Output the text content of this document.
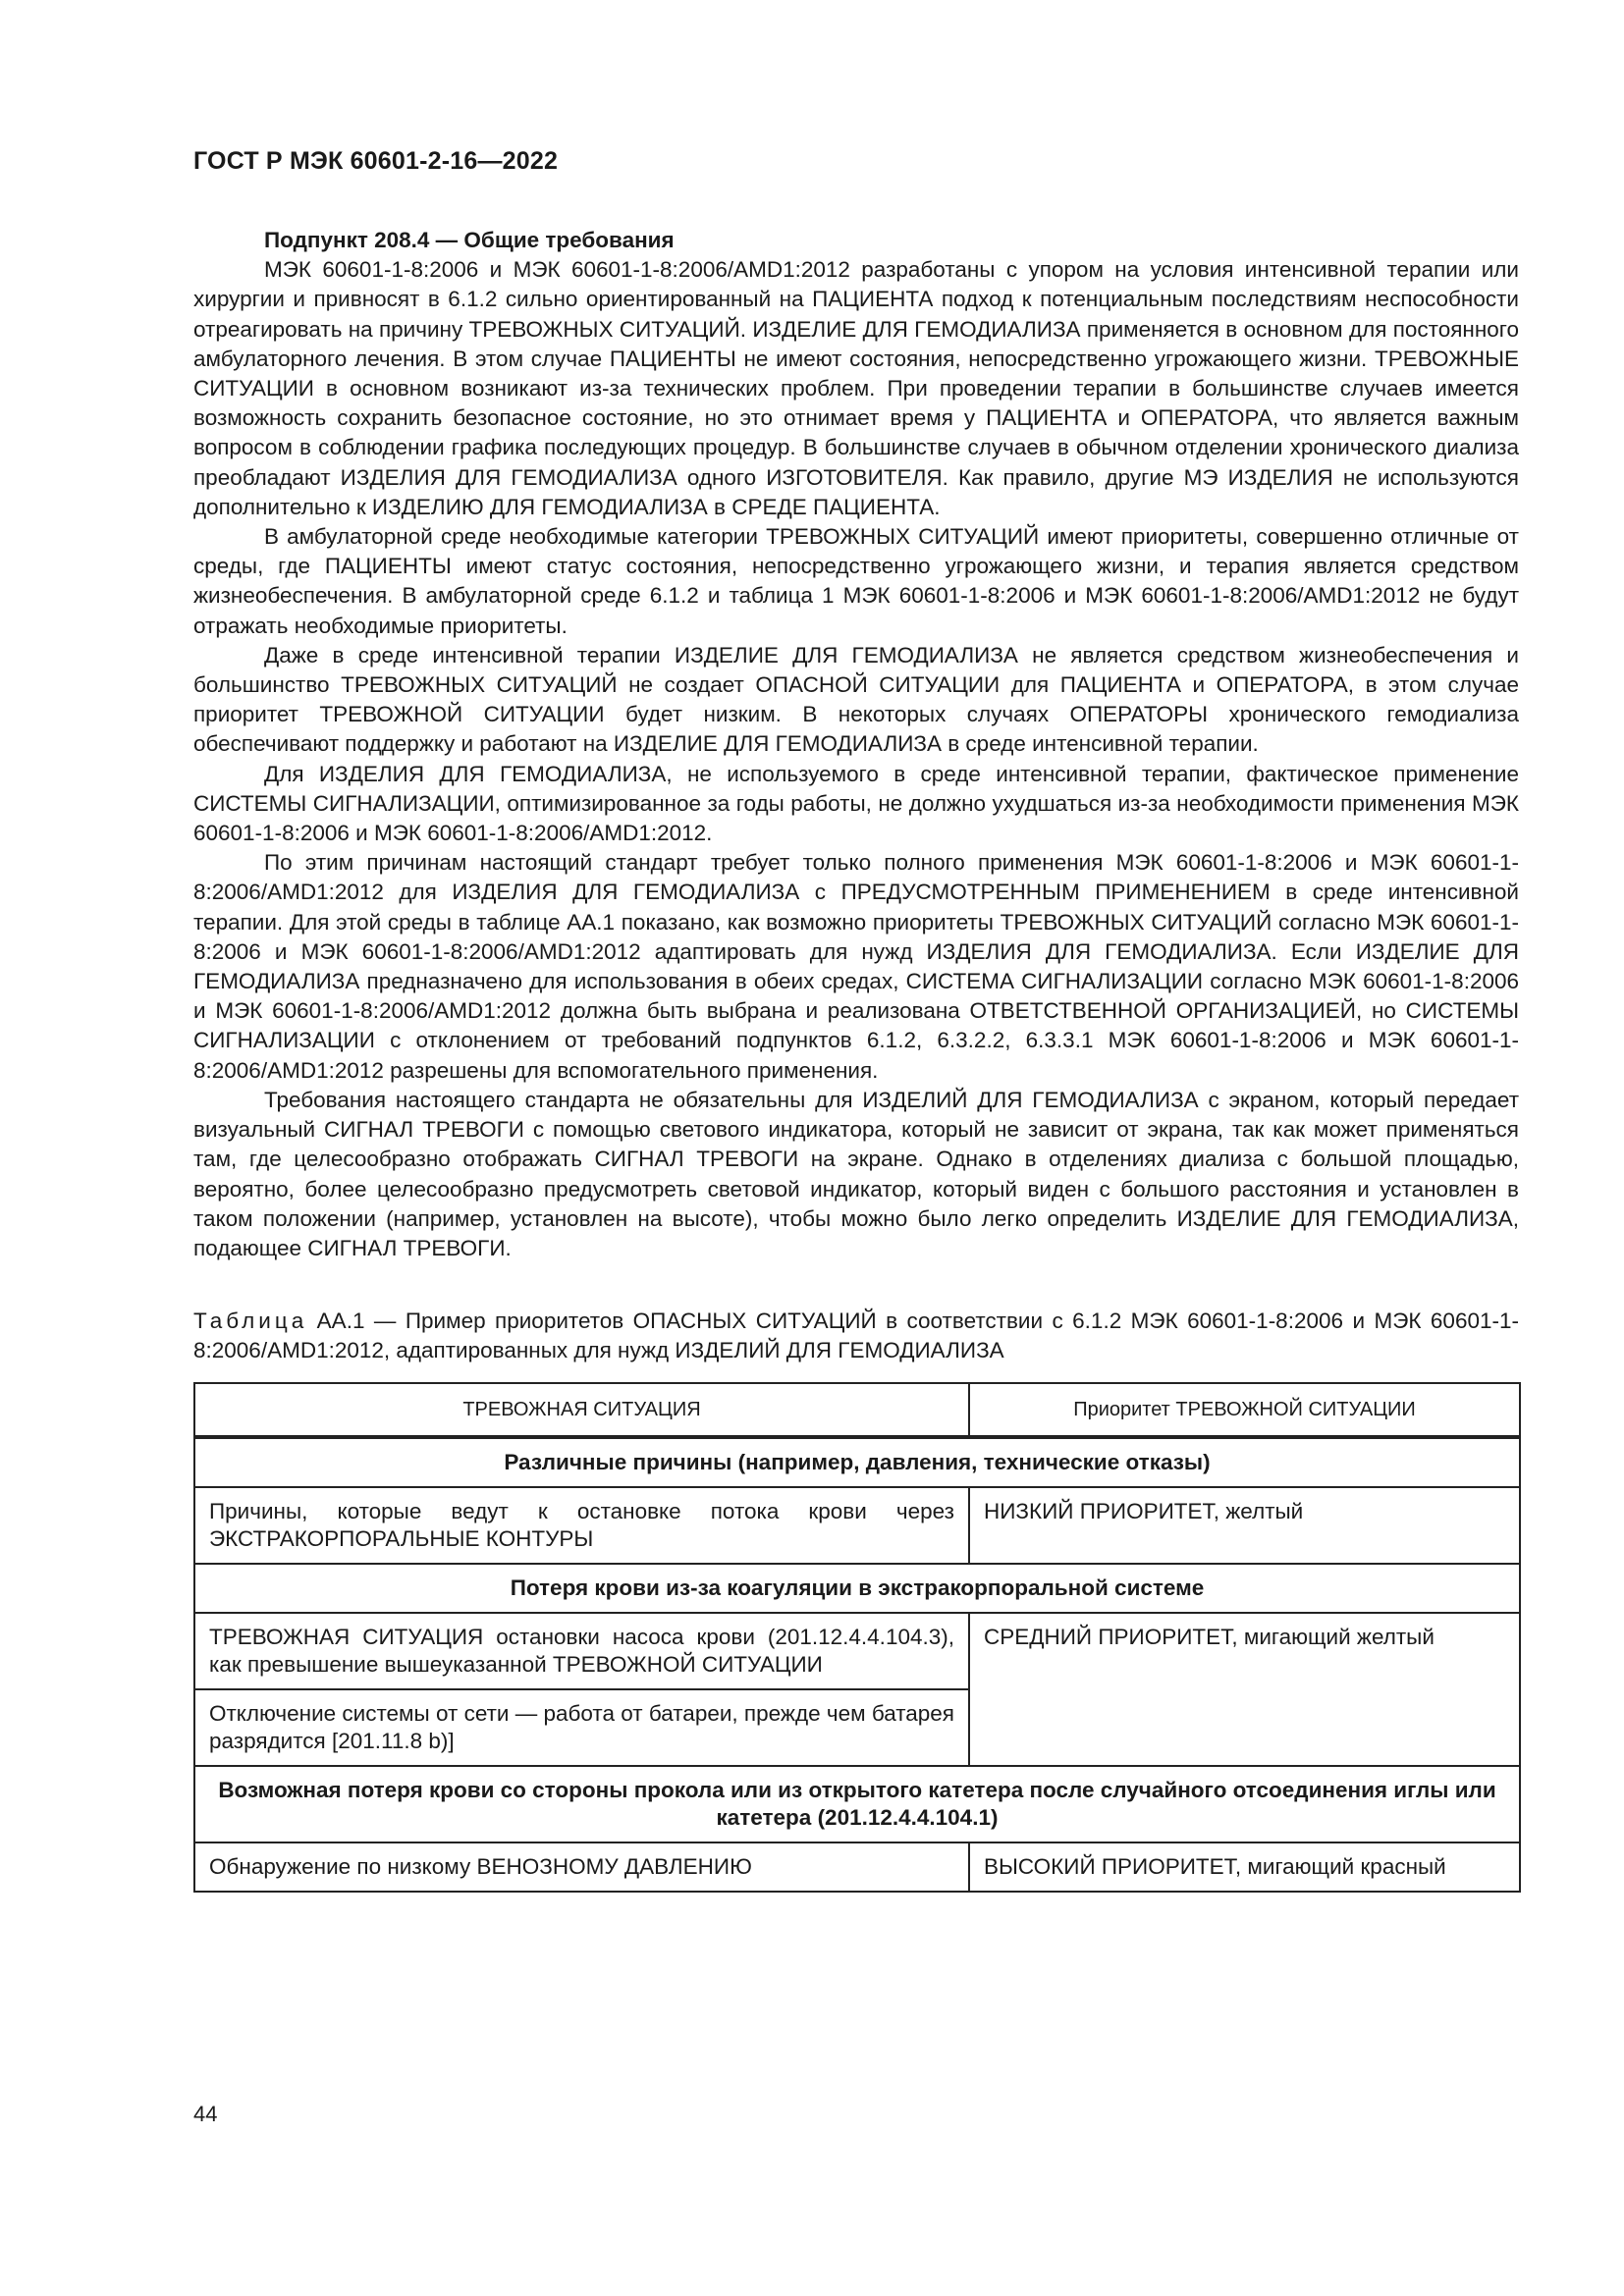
ГОСТ Р МЭК 60601-2-16—2022

Подпункт 208.4 — Общие требования

МЭК 60601-1-8:2006 и МЭК 60601-1-8:2006/AMD1:2012 разработаны с упором на условия интенсивной терапии или хирургии и привносят в 6.1.2 сильно ориентированный на ПАЦИЕНТА подход к потенциальным последствиям неспособности отреагировать на причину ТРЕВОЖНЫХ СИТУАЦИЙ. ИЗДЕЛИЕ ДЛЯ ГЕМОДИАЛИЗА применяется в основном для постоянного амбулаторного лечения. В этом случае ПАЦИЕНТЫ не имеют состояния, непосредственно угрожающего жизни. ТРЕВОЖНЫЕ СИТУАЦИИ в основном возникают из-за технических проблем. При проведении терапии в большинстве случаев имеется возможность сохранить безопасное состояние, но это отнимает время у ПАЦИЕНТА и ОПЕРАТОРА, что является важным вопросом в соблюдении графика последующих процедур. В большинстве случаев в обычном отделении хронического диализа преобладают ИЗДЕЛИЯ ДЛЯ ГЕМОДИАЛИЗА одного ИЗГОТОВИТЕЛЯ. Как правило, другие МЭ ИЗДЕЛИЯ не используются дополнительно к ИЗДЕЛИЮ ДЛЯ ГЕМОДИАЛИЗА в СРЕДЕ ПАЦИЕНТА.

В амбулаторной среде необходимые категории ТРЕВОЖНЫХ СИТУАЦИЙ имеют приоритеты, совершенно отличные от среды, где ПАЦИЕНТЫ имеют статус состояния, непосредственно угрожающего жизни, и терапия является средством жизнеобеспечения. В амбулаторной среде 6.1.2 и таблица 1 МЭК 60601-1-8:2006 и МЭК 60601-1-8:2006/AMD1:2012 не будут отражать необходимые приоритеты.

Даже в среде интенсивной терапии ИЗДЕЛИЕ ДЛЯ ГЕМОДИАЛИЗА не является средством жизнеобеспечения и большинство ТРЕВОЖНЫХ СИТУАЦИЙ не создает ОПАСНОЙ СИТУАЦИИ для ПАЦИЕНТА и ОПЕРАТОРА, в этом случае приоритет ТРЕВОЖНОЙ СИТУАЦИИ будет низким. В некоторых случаях ОПЕРАТОРЫ хронического гемодиализа обеспечивают поддержку и работают на ИЗДЕЛИЕ ДЛЯ ГЕМОДИАЛИЗА в среде интенсивной терапии.

Для ИЗДЕЛИЯ ДЛЯ ГЕМОДИАЛИЗА, не используемого в среде интенсивной терапии, фактическое применение СИСТЕМЫ СИГНАЛИЗАЦИИ, оптимизированное за годы работы, не должно ухудшаться из-за необходимости применения МЭК 60601-1-8:2006 и МЭК 60601-1-8:2006/AMD1:2012.

По этим причинам настоящий стандарт требует только полного применения МЭК 60601-1-8:2006 и МЭК 60601-1-8:2006/AMD1:2012 для ИЗДЕЛИЯ ДЛЯ ГЕМОДИАЛИЗА с ПРЕДУСМОТРЕННЫМ ПРИМЕНЕНИЕМ в среде интенсивной терапии. Для этой среды в таблице АА.1 показано, как возможно приоритеты ТРЕВОЖНЫХ СИТУАЦИЙ согласно МЭК 60601-1-8:2006 и МЭК 60601-1-8:2006/AMD1:2012 адаптировать для нужд ИЗДЕЛИЯ ДЛЯ ГЕМОДИАЛИЗА. Если ИЗДЕЛИЕ ДЛЯ ГЕМОДИАЛИЗА предназначено для использования в обеих средах, СИСТЕМА СИГНАЛИЗАЦИИ согласно МЭК 60601-1-8:2006 и МЭК 60601-1-8:2006/AMD1:2012 должна быть выбрана и реализована ОТВЕТСТВЕННОЙ ОРГАНИЗАЦИЕЙ, но СИСТЕМЫ СИГНАЛИЗАЦИИ с отклонением от требований подпунктов 6.1.2, 6.3.2.2, 6.3.3.1 МЭК 60601-1-8:2006 и МЭК 60601-1-8:2006/AMD1:2012 разрешены для вспомогательного применения.

Требования настоящего стандарта не обязательны для ИЗДЕЛИЙ ДЛЯ ГЕМОДИАЛИЗА с экраном, который передает визуальный СИГНАЛ ТРЕВОГИ с помощью светового индикатора, который не зависит от экрана, так как может применяться там, где целесообразно отображать СИГНАЛ ТРЕВОГИ на экране. Однако в отделениях диализа с большой площадью, вероятно, более целесообразно предусмотреть световой индикатор, который виден с большого расстояния и установлен в таком положении (например, установлен на высоте), чтобы можно было легко определить ИЗДЕЛИЕ ДЛЯ ГЕМОДИАЛИЗА, подающее СИГНАЛ ТРЕВОГИ.

Таблица АА.1 — Пример приоритетов ОПАСНЫХ СИТУАЦИЙ в соответствии с 6.1.2 МЭК 60601-1-8:2006 и МЭК 60601-1-8:2006/AMD1:2012, адаптированных для нужд ИЗДЕЛИЙ ДЛЯ ГЕМОДИАЛИЗА

ТРЕВОЖНАЯ СИТУАЦИЯ	Приоритет ТРЕВОЖНОЙ СИТУАЦИИ
Различные причины (например, давления, технические отказы)	
Причины, которые ведут к остановке потока крови через ЭКСТРАКОРПОРАЛЬНЫЕ КОНТУРЫ	НИЗКИЙ ПРИОРИТЕТ, желтый
Потеря крови из-за коагуляции в экстракорпоральной системе	
ТРЕВОЖНАЯ СИТУАЦИЯ остановки насоса крови (201.12.4.4.104.3), как превышение вышеуказанной ТРЕВОЖНОЙ СИТУАЦИИ	СРЕДНИЙ ПРИОРИТЕТ, мигающий желтый
Отключение системы от сети — работа от батареи, прежде чем батарея разрядится [201.11.8 b)]	
Возможная потеря крови со стороны прокола или из открытого катетера после случайного отсоединения иглы или катетера (201.12.4.4.104.1)	
Обнаружение по низкому ВЕНОЗНОМУ ДАВЛЕНИЮ	ВЫСОКИЙ ПРИОРИТЕТ, мигающий красный
44
